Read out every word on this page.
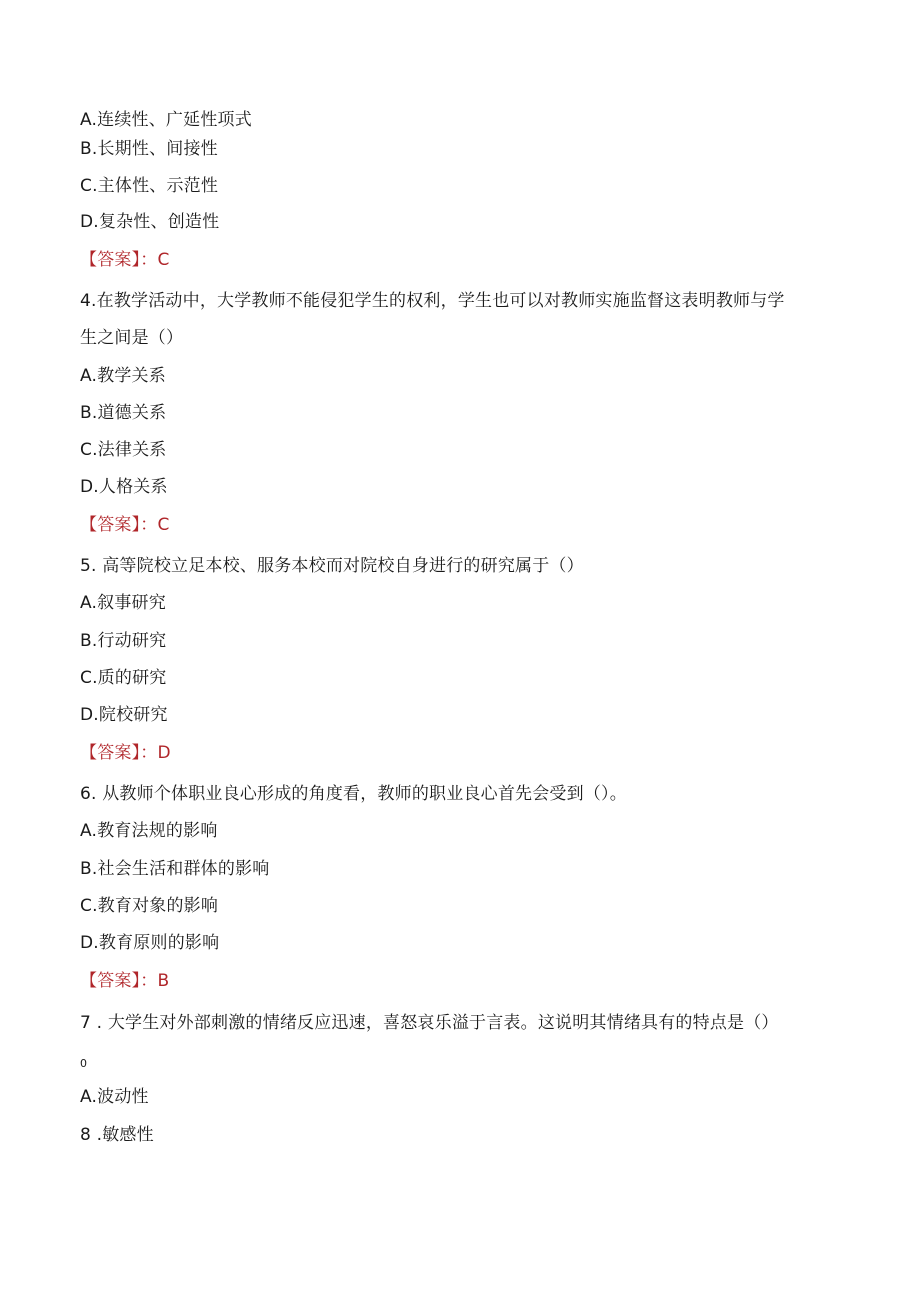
A.连续性、广延性项式
B.长期性、间接性
C.主体性、示范性
D.复杂性、创造性
【答案】：C
4.在教学活动中，大学教师不能侵犯学生的权利，学生也可以对教师实施监督这表明教师与学
生之间是（）
A.教学关系
B.道德关系
C.法律关系
D.人格关系
【答案】：C
5. 高等院校立足本校、服务本校而对院校自身进行的研究属于（）
A.叙事研究
B.行动研究
C.质的研究
D.院校研究
【答案】：D
6. 从教师个体职业良心形成的角度看，教师的职业良心首先会受到（）。
A.教育法规的影响
B.社会生活和群体的影响
C.教育对象的影响
D.教育原则的影响
【答案】：B
7 . 大学生对外部刺激的情绪反应迅速，喜怒哀乐溢于言表。这说明其情绪具有的特点是（）
0
A.波动性
8 .敏感性
